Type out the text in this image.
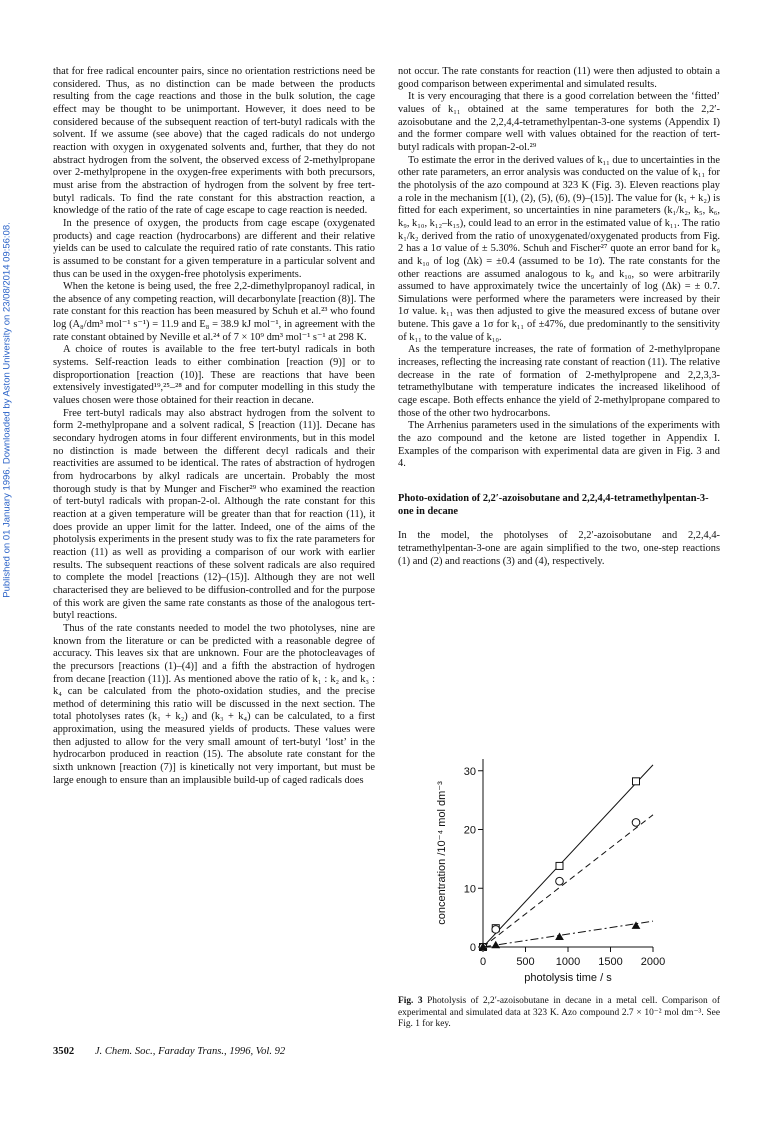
Published on 01 January 1996. Downloaded by Aston University on 23/08/2014 09:56:08.

that for free radical encounter pairs, since no orientation restrictions need be considered. Thus, as no distinction can be made between the products resulting from the cage reactions and those in the bulk solution, the cage effect may be thought to be unimportant. However, it does need to be considered because of the subsequent reaction of tert-butyl radicals with the solvent. If we assume (see above) that the caged radicals do not undergo reaction with oxygen in oxygenated solvents and, further, that they do not abstract hydrogen from the solvent, the observed excess of 2-methylpropane over 2-methylpropene in the oxygen-free experiments with both precursors, must arise from the abstraction of hydrogen from the solvent by free tert-butyl radicals. To find the rate constant for this abstraction reaction, a knowledge of the ratio of the rate of cage escape to cage reaction is needed.

In the presence of oxygen, the products from cage escape (oxygenated products) and cage reaction (hydrocarbons) are different and their relative yields can be used to calculate the required ratio of rate constants. This ratio is assumed to be constant for a given temperature in a particular solvent and thus can be used in the oxygen-free photolysis experiments.

When the ketone is being used, the free 2,2-dimethylpropanoyl radical, in the absence of any competing reaction, will decarbonylate [reaction (8)]. The rate constant for this reaction has been measured by Schuh et al.²³ who found log (A₈/dm³ mol⁻¹ s⁻¹) = 11.9 and E₈ = 38.9 kJ mol⁻¹, in agreement with the rate constant obtained by Neville et al.²⁴ of 7 × 10⁹ dm³ mol⁻¹ s⁻¹ at 298 K.

A choice of routes is available to the free tert-butyl radicals in both systems. Self-reaction leads to either combination [reaction (9)] or to disproportionation [reaction (10)]. These are reactions that have been extensively investigated¹⁹,²⁵–²⁸ and for computer modelling in this study the values chosen were those obtained for their reaction in decane.

Free tert-butyl radicals may also abstract hydrogen from the solvent to form 2-methylpropane and a solvent radical, S [reaction (11)]. Decane has secondary hydrogen atoms in four different environments, but in this model no distinction is made between the different decyl radicals and their reactivities are assumed to be identical. The rates of abstraction of hydrogen from hydrocarbons by alkyl radicals are uncertain. Probably the most thorough study is that by Munger and Fischer²⁹ who examined the reaction of tert-butyl radicals with propan-2-ol. Although the rate constant for this reaction at a given temperature will be greater than that for reaction (11), it does provide an upper limit for the latter. Indeed, one of the aims of the photolysis experiments in the present study was to fix the rate parameters for reaction (11) as well as providing a comparison of our work with earlier results. The subsequent reactions of these solvent radicals are also required to complete the model [reactions (12)–(15)]. Although they are not well characterised they are believed to be diffusion-controlled and for the purpose of this work are given the same rate constants as those of the analogous tert-butyl reactions.

Thus of the rate constants needed to model the two photolyses, nine are known from the literature or can be predicted with a reasonable degree of accuracy. This leaves six that are unknown. Four are the photocleavages of the precursors [reactions (1)–(4)] and a fifth the abstraction of hydrogen from decane [reaction (11)]. As mentioned above the ratio of k₁ : k₂ and k₃ : k₄ can be calculated from the photo-oxidation studies, and the precise method of determining this ratio will be discussed in the next section. The total photolyses rates (k₁ + k₂) and (k₃ + k₄) can be calculated, to a first approximation, using the measured yields of products. These values were then adjusted to allow for the very small amount of tert-butyl ‘lost’ in the hydrocarbon produced in reaction (15). The absolute rate constant for the sixth unknown [reaction (7)] is kinetically not very important, but must be large enough to ensure than an implausible build-up of caged radicals does

not occur. The rate constants for reaction (11) were then adjusted to obtain a good comparison between experimental and simulated results.

It is very encouraging that there is a good correlation between the ‘fitted’ values of k₁₁ obtained at the same temperatures for both the 2,2′-azoisobutane and the 2,2,4,4-tetramethylpentan-3-one systems (Appendix I) and the former compare well with values obtained for the reaction of tert-butyl radicals with propan-2-ol.²⁹

To estimate the error in the derived values of k₁₁ due to uncertainties in the other rate parameters, an error analysis was conducted on the value of k₁₁ for the photolysis of the azo compound at 323 K (Fig. 3). Eleven reactions play a role in the mechanism [(1), (2), (5), (6), (9)–(15)]. The value for (k₁ + k₂) is fitted for each experiment, so uncertainties in nine parameters (k₁/k₂, k₅, k₆, k₉, k₁₀, k₁₂–k₁₅), could lead to an error in the estimated value of k₁₁. The ratio k₁/k₂ derived from the ratio of unoxygenated/oxygenated products from Fig. 2 has a 1σ value of ± 5.30%. Schuh and Fischer²⁷ quote an error band for k₉ and k₁₀ of log (Δk) = ±0.4 (assumed to be 1σ). The rate constants for the other reactions are assumed analogous to k₉ and k₁₀, so were arbitrarily assumed to have approximately twice the uncertainly of log (Δk) = ± 0.7. Simulations were performed where the parameters were increased by their 1σ value. k₁₁ was then adjusted to give the measured excess of butane over butene. This gave a 1σ for k₁₁ of ±47%, due predominantly to the sensitivity of k₁₁ to the value of k₁₀.

As the temperature increases, the rate of formation of 2-methylpropane increases, reflecting the increasing rate constant of reaction (11). The relative decrease in the rate of formation of 2-methylpropene and 2,2,3,3-tetramethylbutane with temperature indicates the increased likelihood of cage escape. Both effects enhance the yield of 2-methylpropane compared to those of the other two hydrocarbons.

The Arrhenius parameters used in the simulations of the experiments with the azo compound and the ketone are listed together in Appendix I. Examples of the comparison with experimental data are given in Fig. 3 and 4.

Photo-oxidation of 2,2′-azoisobutane and 2,2,4,4-tetramethylpentan-3-one in decane

In the model, the photolyses of 2,2′-azoisobutane and 2,2,4,4-tetramethylpentan-3-one are again simplified to the two, one-step reactions (1) and (2) and reactions (3) and (4), respectively.

0	500 1000 1500 2000
0
10
20
30
photolysis time / s
concentration /10⁻⁴ mol dm⁻³
Fig. 3 Photolysis of 2,2′-azoisobutane in decane in a metal cell. Comparison of experimental and simulated data at 323 K. Azo compound 2.7 × 10⁻² mol dm⁻³. See Fig. 1 for key.
3502 J. Chem. Soc., Faraday Trans., 1996, Vol. 92
